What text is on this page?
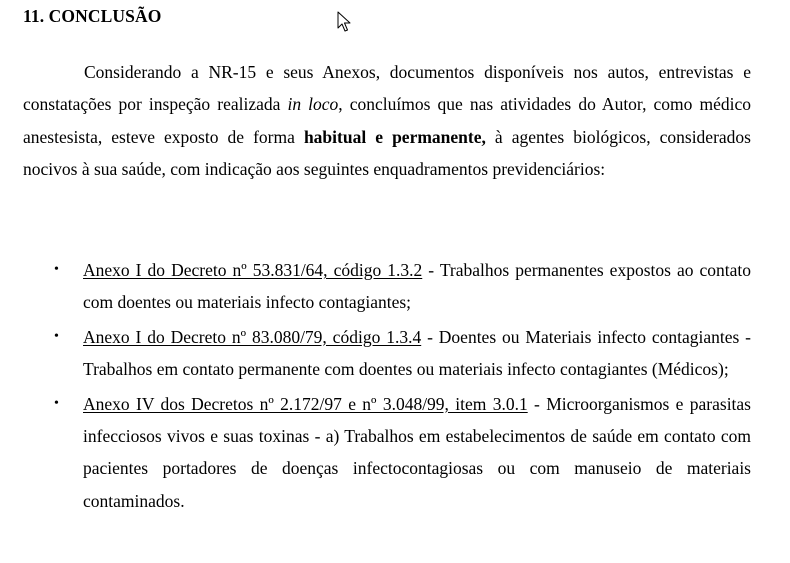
11. CONCLUSÃO

Considerando a NR-15 e seus Anexos, documentos disponíveis nos autos, entrevistas e constatações por inspeção realizada in loco, concluímos que nas atividades do Autor, como médico anestesista, esteve exposto de forma habitual e permanente, à agentes biológicos, considerados nocivos à sua saúde, com indicação aos seguintes enquadramentos previdenciários:

• Anexo I do Decreto nº 53.831/64, código 1.3.2 - Trabalhos permanentes expostos ao contato com doentes ou materiais infecto contagiantes;
• Anexo I do Decreto nº 83.080/79, código 1.3.4 - Doentes ou Materiais infecto contagiantes - Trabalhos em contato permanente com doentes ou materiais infecto contagiantes (Médicos);
• Anexo IV dos Decretos nº 2.172/97 e nº 3.048/99, item 3.0.1 - Microorganismos e parasitas infecciosos vivos e suas toxinas - a) Trabalhos em estabelecimentos de saúde em contato com pacientes portadores de doenças infectocontagiosas ou com manuseio de materiais contaminados.
